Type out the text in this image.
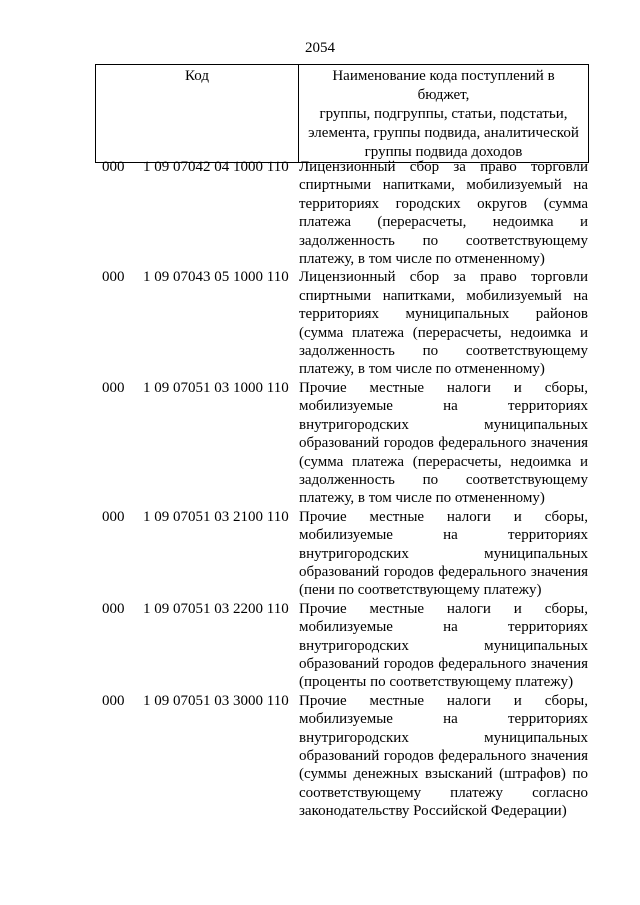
2054
Код	Наименование кода поступлений в бюджет,
группы, подгруппы, статьи, подстатьи,
элемента, группы подвида, аналитической
группы подвида доходов
000 1 09 07042 04 1000 110 Лицензионный сбор за право торговли
спиртными напитками, мобилизуемый на
территориях городских округов (сумма
платежа (перерасчеты, недоимка и
задолженность по соответствующему
платежу, в том числе по отмененному)
000 1 09 07043 05 1000 110 Лицензионный сбор за право торговли
спиртными напитками, мобилизуемый на
территориях муниципальных районов
(сумма платежа (перерасчеты, недоимка и
задолженность по соответствующему
платежу, в том числе по отмененному)
000 1 09 07051 03 1000 110 Прочие местные налоги и сборы,
мобилизуемые на территориях
внутригородских муниципальных
образований городов федерального значения
(сумма платежа (перерасчеты, недоимка и
задолженность по соответствующему
платежу, в том числе по отмененному)
000 1 09 07051 03 2100 110 Прочие местные налоги и сборы,
мобилизуемые на территориях
внутригородских муниципальных
образований городов федерального значения
(пени по соответствующему платежу)
000 1 09 07051 03 2200 110 Прочие местные налоги и сборы,
мобилизуемые на территориях
внутригородских муниципальных
образований городов федерального значения
(проценты по соответствующему платежу)
000 1 09 07051 03 3000 110 Прочие местные налоги и сборы,
мобилизуемые на территориях
внутригородских муниципальных
образований городов федерального значения
(суммы денежных взысканий (штрафов) по
соответствующему платежу согласно
законодательству Российской Федерации)
